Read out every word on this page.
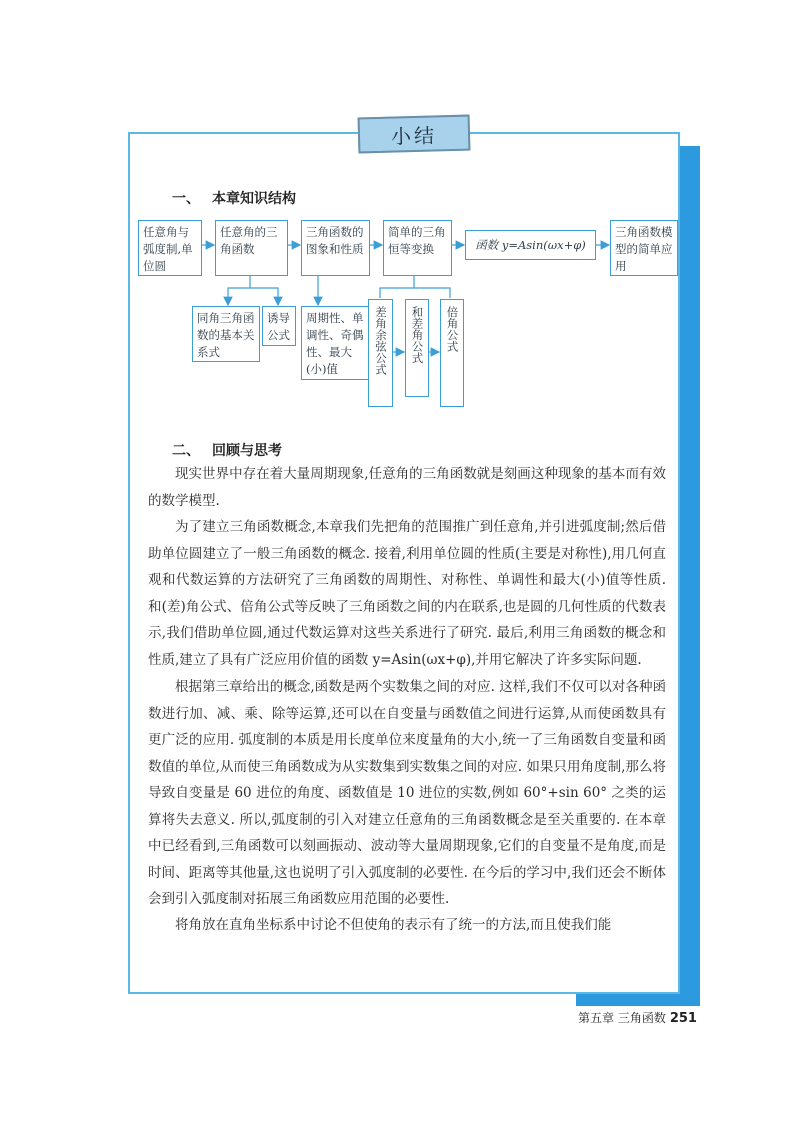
小结
一、 本章知识结构
任意角与弧度制,单位圆
任意角的三角函数
三角函数的图象和性质
简单的三角恒等变换	函数 y=Asin(ωx+φ)
三角函数模型的简单应用
同角三角函数的基本关系式
诱导公式
周期性、单调性、奇偶性、最大(小)值	差角余弦公式	和差角公式	倍角公式
二、 回顾与思考

现实世界中存在着大量周期现象,任意角的三角函数就是刻画这种现象的基本而有效的数学模型.

为了建立三角函数概念,本章我们先把角的范围推广到任意角,并引进弧度制;然后借助单位圆建立了一般三角函数的概念. 接着,利用单位圆的性质(主要是对称性),用几何直观和代数运算的方法研究了三角函数的周期性、对称性、单调性和最大(小)值等性质. 和(差)角公式、倍角公式等反映了三角函数之间的内在联系,也是圆的几何性质的代数表示,我们借助单位圆,通过代数运算对这些关系进行了研究. 最后,利用三角函数的概念和性质,建立了具有广泛应用价值的函数 y=Asin(ωx+φ),并用它解决了许多实际问题.

根据第三章给出的概念,函数是两个实数集之间的对应. 这样,我们不仅可以对各种函数进行加、减、乘、除等运算,还可以在自变量与函数值之间进行运算,从而使函数具有更广泛的应用. 弧度制的本质是用长度单位来度量角的大小,统一了三角函数自变量和函数值的单位,从而使三角函数成为从实数集到实数集之间的对应. 如果只用角度制,那么将导致自变量是 60 进位的角度、函数值是 10 进位的实数,例如 60°+sin 60° 之类的运算将失去意义. 所以,弧度制的引入对建立任意角的三角函数概念是至关重要的. 在本章中已经看到,三角函数可以刻画振动、波动等大量周期现象,它们的自变量不是角度,而是时间、距离等其他量,这也说明了引入弧度制的必要性. 在今后的学习中,我们还会不断体会到引入弧度制对拓展三角函数应用范围的必要性.

将角放在直角坐标系中讨论不但使角的表示有了统一的方法,而且使我们能

第五章 三角函数 251
